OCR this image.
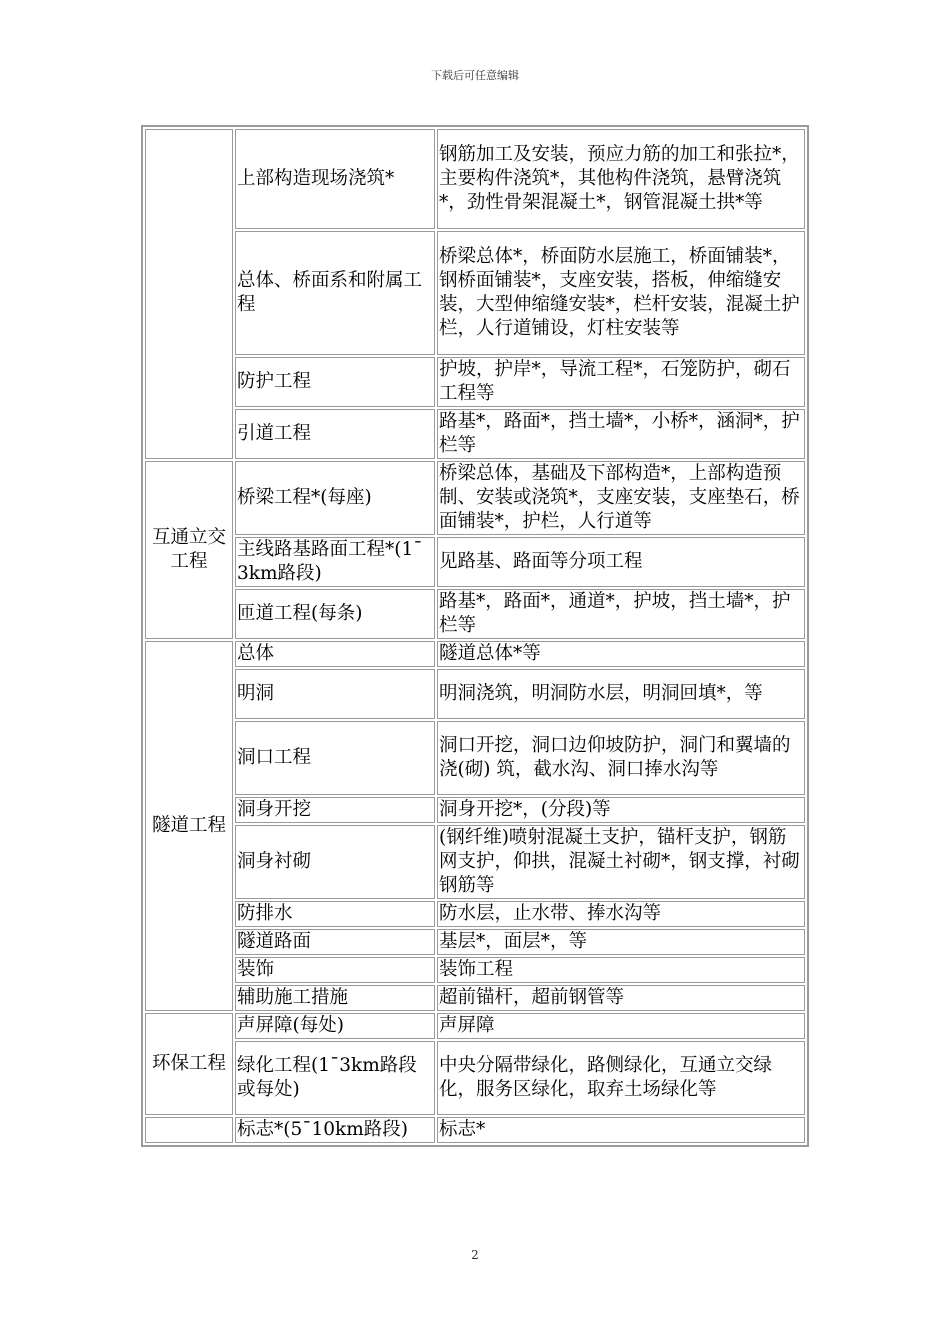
下载后可任意编辑
	上部构造现场浇筑*	钢筋加工及安装，预应力筋的加工和张拉*，主要构件浇筑*，其他构件浇筑，悬臂浇筑*，劲性骨架混凝土*，钢管混凝土拱*等
	总体、桥面系和附属工程	桥梁总体*，桥面防水层施工，桥面铺装*，钢桥面铺装*，支座安装，搭板，伸缩缝安装，大型伸缩缝安装*，栏杆安装，混凝土护栏，人行道铺设，灯柱安装等
	防护工程	护坡，护岸*，导流工程*，石笼防护，砌石工程等
	引道工程	路基*，路面*，挡土墙*，小桥*，涵洞*，护栏等
互通立交工程	桥梁工程*(每座)	桥梁总体，基础及下部构造*，上部构造预制、安装或浇筑*，支座安装，支座垫石，桥面铺装*，护栏，人行道等
	主线路基路面工程*(1¯3km路段)	见路基、路面等分项工程
	匝道工程(每条)	路基*，路面*，通道*，护坡，挡土墙*，护栏等
隧道工程	总体	隧道总体*等
	明洞	明洞浇筑，明洞防水层，明洞回填*，等
	洞口工程	洞口开挖，洞口边仰坡防护，洞门和翼墙的浇(砌) 筑，截水沟、洞口捧水沟等
	洞身开挖	洞身开挖*，(分段)等
	洞身衬砌	(钢纤维)喷射混凝土支护，锚杆支护，钢筋网支护，仰拱，混凝土衬砌*，钢支撑，衬砌钢筋等
	防排水	防水层，止水带、捧水沟等
	隧道路面	基层*，面层*，等
	装饰	装饰工程
	辅助施工措施	超前锚杆，超前钢管等
环保工程	声屏障(每处)	声屏障
	绿化工程(1¯3km路段或每处)	中央分隔带绿化，路侧绿化，互通立交绿化，服务区绿化，取弃土场绿化等
	标志*(5¯10km路段)	标志*
2
